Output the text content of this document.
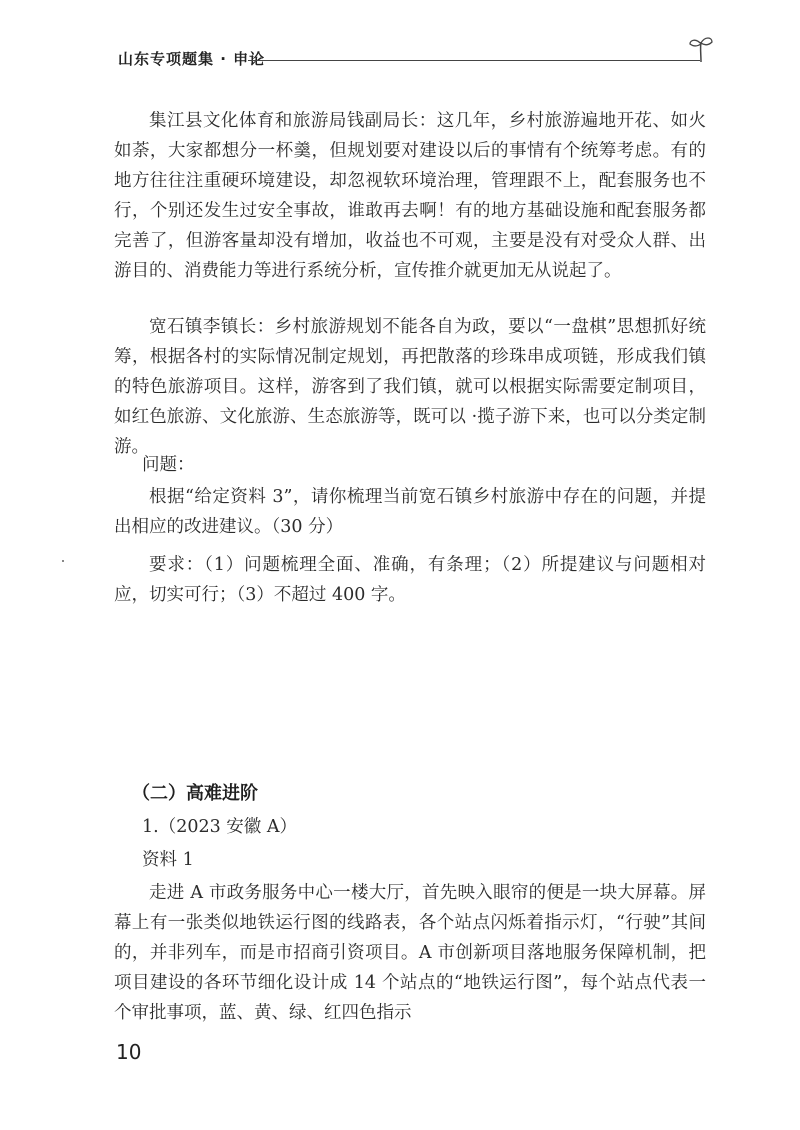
山东专项题集 · 申论

集江县文化体育和旅游局钱副局长：这几年，乡村旅游遍地开花、如火如荼，大家都想分一杯羹，但规划要对建设以后的事情有个统筹考虑。有的地方往往注重硬环境建设，却忽视软环境治理，管理跟不上，配套服务也不行，个别还发生过安全事故，谁敢再去啊！有的地方基础设施和配套服务都完善了，但游客量却没有增加，收益也不可观，主要是没有对受众人群、出游目的、消费能力等进行系统分析，宣传推介就更加无从说起了。

宽石镇李镇长：乡村旅游规划不能各自为政，要以“一盘棋”思想抓好统筹，根据各村的实际情况制定规划，再把散落的珍珠串成项链，形成我们镇的特色旅游项目。这样，游客到了我们镇，就可以根据实际需要定制项目，如红色旅游、文化旅游、生态旅游等，既可以 ·揽子游下来，也可以分类定制游。

问题：

根据“给定资料 3”，请你梳理当前宽石镇乡村旅游中存在的问题，并提出相应的改进建议。（30 分）

要求：（1）问题梳理全面、准确，有条理；（2）所提建议与问题相对应，切实可行；（3）不超过 400 字。

（二）高难进阶

1.（2023 安徽 A）

资料 1

走进 A 市政务服务中心一楼大厅，首先映入眼帘的便是一块大屏幕。屏幕上有一张类似地铁运行图的线路表，各个站点闪烁着指示灯，“行驶”其间的，并非列车，而是市招商引资项目。A 市创新项目落地服务保障机制，把项目建设的各环节细化设计成 14 个站点的“地铁运行图”，每个站点代表一个审批事项，蓝、黄、绿、红四色指示

10
